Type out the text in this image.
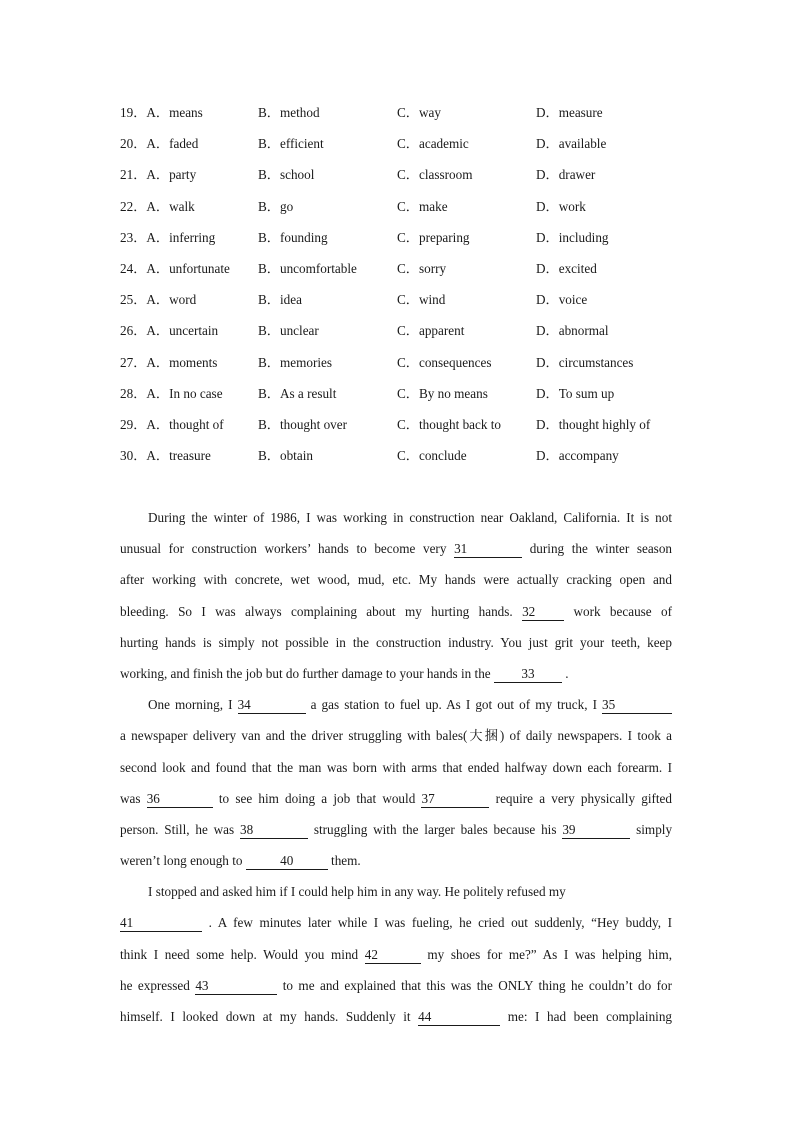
19．A．means	B．method	C．way	D．measure
20．A．faded	B．efficient	C．academic	D．available
21．A．party	B．school	C．classroom	D．drawer
22．A．walk	B．go	C．make	D．work
23．A．inferring	B．founding	C．preparing	D．including
24．A．unfortunate B．uncomfortable	C．sorry	D．excited
25．A．word	B．idea	C．wind	D．voice
26．A．uncertain	B．unclear	C．apparent	D．abnormal
27．A．moments	B．memories	C．consequences	D．circumstances
28．A．In no case	B．As a result	C．By no means	D．To sum up
29．A．thought of	B．thought over	C．thought back to	D．thought highly of
30．A．treasure	B．obtain	C．conclude	D．accompany
During the winter of 1986, I was working in construction near Oakland, California. It is not
unusual for construction workers’ hands to become very 31	during the winter season
after working with concrete, wet wood, mud, etc. My hands were actually cracking open and
bleeding. So I was always complaining about my hurting hands. 32	work because of
hurting hands is simply not possible in the construction industry. You just grit your teeth, keep
working, and finish the job but do further damage to your hands in the 33 .
One morning, I 34	a gas station to fuel up. As I got out of my truck, I 35
a newspaper delivery van and the driver struggling with bales(大捆) of daily newspapers. I took a
second look and found that the man was born with arms that ended halfway down each forearm. I
was 36	to see him doing a job that would 37	require a very physically gifted
person. Still, he was 38	struggling with the larger bales because his 39	simply
weren’t long enough to	40	them.
I stopped and asked him if I could help him in any way. He politely refused my
41	. A few minutes later while I was fueling, he cried out suddenly, “Hey buddy, I
think I need some help. Would you mind 42	my shoes for me?” As I was helping him,
he expressed 43	to me and explained that this was the ONLY thing he couldn’t do for
himself. I looked down at my hands. Suddenly it 44	me: I had been complaining
